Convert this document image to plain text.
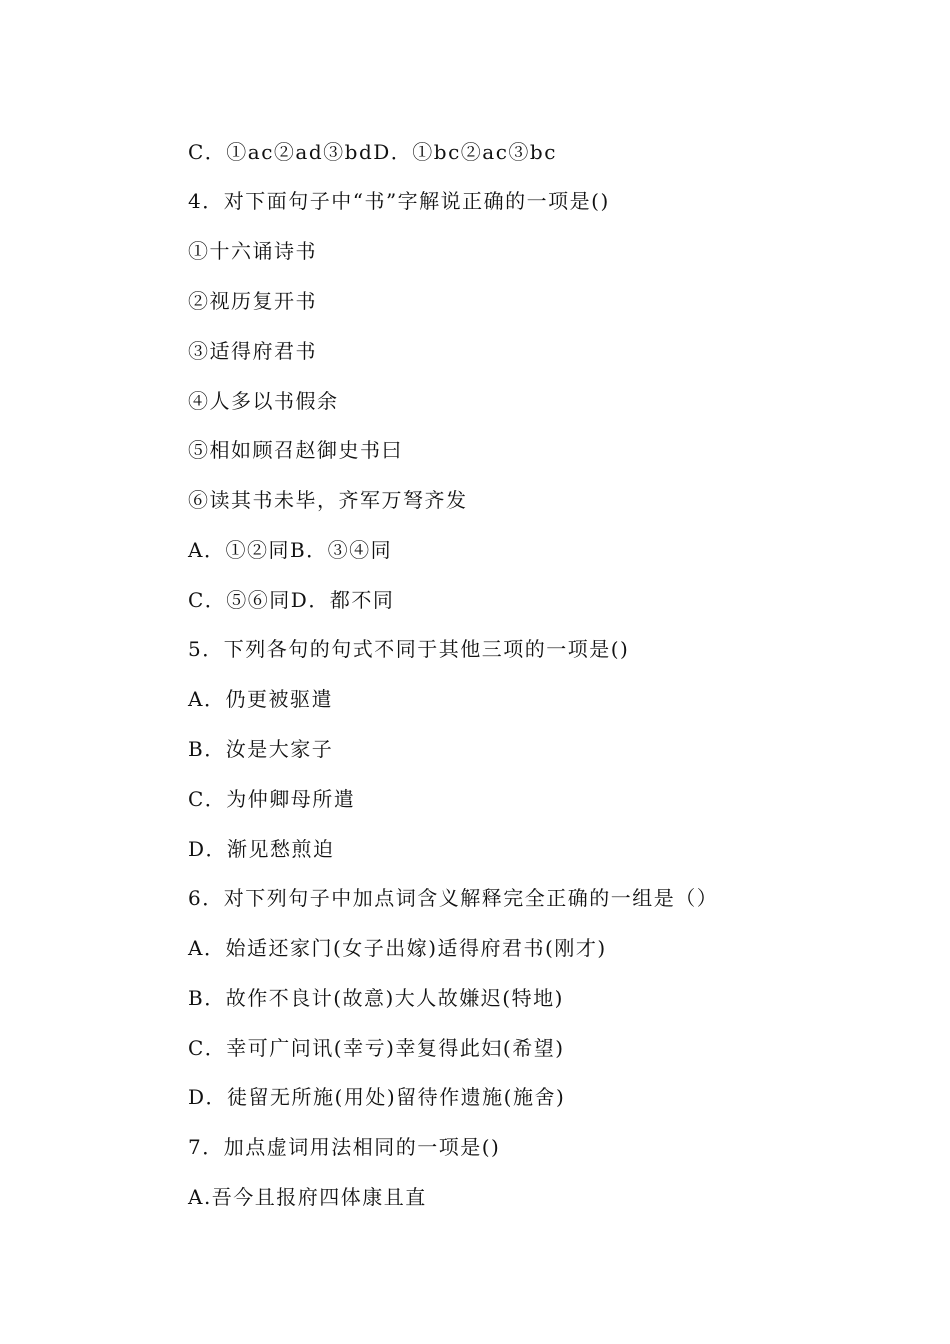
C．①ac②ad③bdD．①bc②ac③bc
4．对下面句子中“书”字解说正确的一项是()
①十六诵诗书
②视历复开书
③适得府君书
④人多以书假余
⑤相如顾召赵御史书曰
⑥读其书未毕，齐军万弩齐发
A．①②同B．③④同
C．⑤⑥同D．都不同
5．下列各句的句式不同于其他三项的一项是()
A．仍更被驱遣
B．汝是大家子
C．为仲卿母所遣
D．渐见愁煎迫
6．对下列句子中加点词含义解释完全正确的一组是（）
A．始适还家门(女子出嫁)适得府君书(刚才)
B．故作不良计(故意)大人故嫌迟(特地)
C．幸可广问讯(幸亏)幸复得此妇(希望)
D．徒留无所施(用处)留待作遗施(施舍)
7．加点虚词用法相同的一项是()
A.吾今且报府四体康且直
